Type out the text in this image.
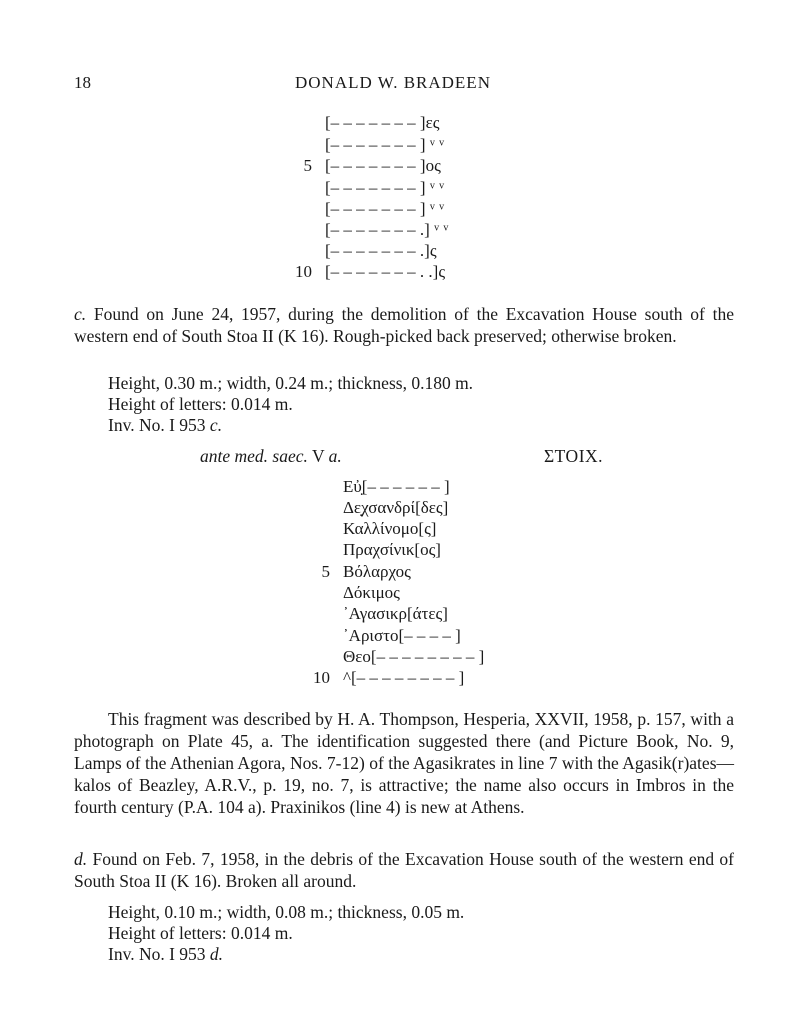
18	DONALD W. BRADEEN
[– – – – – – – ]ες
[– – – – – – – ] ᵛ ᵛ
5 [– – – – – – – ]ος
[– – – – – – – ] ᵛ ᵛ
[– – – – – – – ] ᵛ ᵛ
[– – – – – – – .] ᵛ ᵛ
[– – – – – – – .]ς
10 [– – – – – – – . .]ς

c. Found on June 24, 1957, during the demolition of the Excavation House south of the western end of South Stoa II (K 16). Rough-picked back preserved; otherwise broken.

Height, 0.30 m.; width, 0.24 m.; thickness, 0.180 m.
Height of letters: 0.014 m.
Inv. No. I 953 c.
ante med. saec. V a.	ΣΤΟΙΧ.
Εὐ̣[– – – – – – ]
Δε̣χσανδρί[δες]
Καλλίνομο[ς]
Πραχσίνικ[ος]
5 Βόλαρχος
Δόκιμος
᾿Αγασικρ[άτες]
᾿Αριστο[– – – – ]
Θεο[– – – – – – – – ]
10 ^[– – – – – – – – ]

This fragment was described by H. A. Thompson, Hesperia, XXVII, 1958, p. 157, with a photograph on Plate 45, a. The identification suggested there (and Picture Book, No. 9, Lamps of the Athenian Agora, Nos. 7-12) of the Agasikrates in line 7 with the Agasik(r)ates—kalos of Beazley, A.R.V., p. 19, no. 7, is attractive; the name also occurs in Imbros in the fourth century (P.A. 104 a). Praxinikos (line 4) is new at Athens.

d. Found on Feb. 7, 1958, in the debris of the Excavation House south of the western end of South Stoa II (K 16). Broken all around.

Height, 0.10 m.; width, 0.08 m.; thickness, 0.05 m.
Height of letters: 0.014 m.
Inv. No. I 953 d.
